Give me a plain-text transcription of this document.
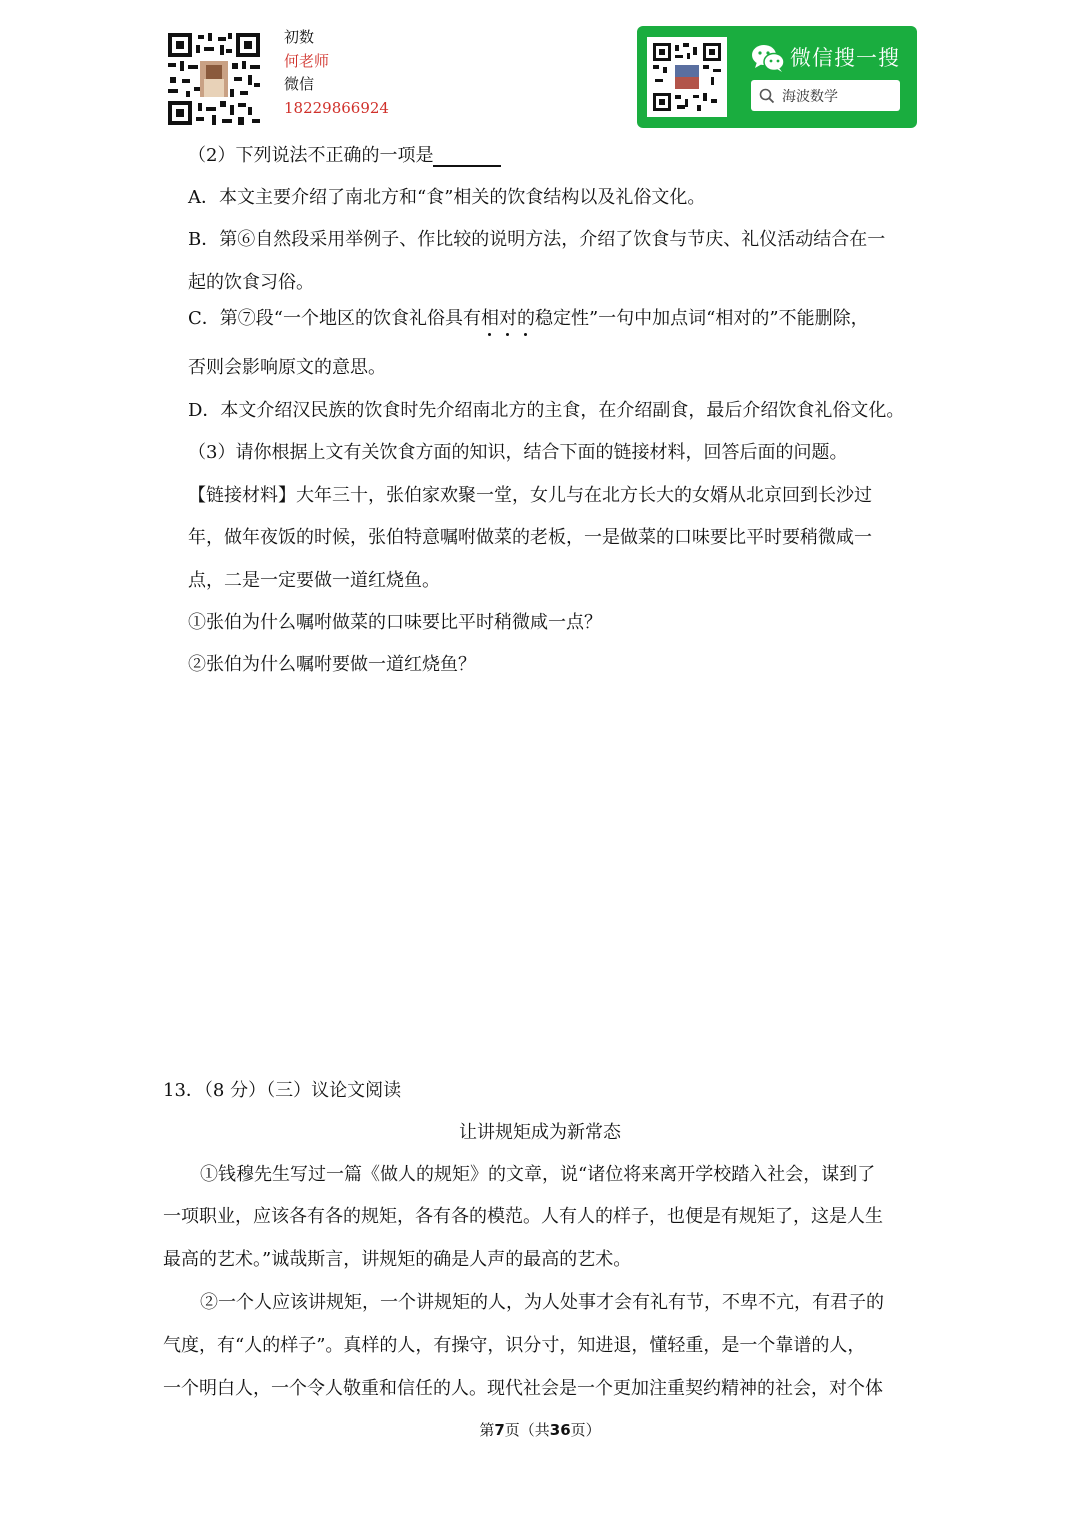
初数
何老师
微信
18229866924
微信搜一搜
海波数学
（2）下列说法不正确的一项是
A．本文主要介绍了南北方和“食”相关的饮食结构以及礼俗文化。
B．第⑥自然段采用举例子、作比较的说明方法，介绍了饮食与节庆、礼仪活动结合在一
起的饮食习俗。
C．第⑦段“一个地区的饮食礼俗具有相对的稳定性”一句中加点词“相对的”不能删除，
否则会影响原文的意思。
D．本文介绍汉民族的饮食时先介绍南北方的主食，在介绍副食，最后介绍饮食礼俗文化。
（3）请你根据上文有关饮食方面的知识，结合下面的链接材料，回答后面的问题。
【链接材料】大年三十，张伯家欢聚一堂，女儿与在北方长大的女婿从北京回到长沙过
年，做年夜饭的时候，张伯特意嘱咐做菜的老板，一是做菜的口味要比平时要稍微咸一
点，二是一定要做一道红烧鱼。
①张伯为什么嘱咐做菜的口味要比平时稍微咸一点？
②张伯为什么嘱咐要做一道红烧鱼？
13．（8 分）（三）议论文阅读
让讲规矩成为新常态
①钱穆先生写过一篇《做人的规矩》的文章，说“诸位将来离开学校踏入社会，谋到了
一项职业，应该各有各的规矩，各有各的模范。人有人的样子，也便是有规矩了，这是人生
最高的艺术。”诚哉斯言，讲规矩的确是人声的最高的艺术。
②一个人应该讲规矩，一个讲规矩的人，为人处事才会有礼有节，不卑不亢，有君子的
气度，有“人的样子”。真样的人，有操守，识分寸，知进退，懂轻重，是一个靠谱的人，
一个明白人，一个令人敬重和信任的人。现代社会是一个更加注重契约精神的社会，对个体
第7页（共36页）
